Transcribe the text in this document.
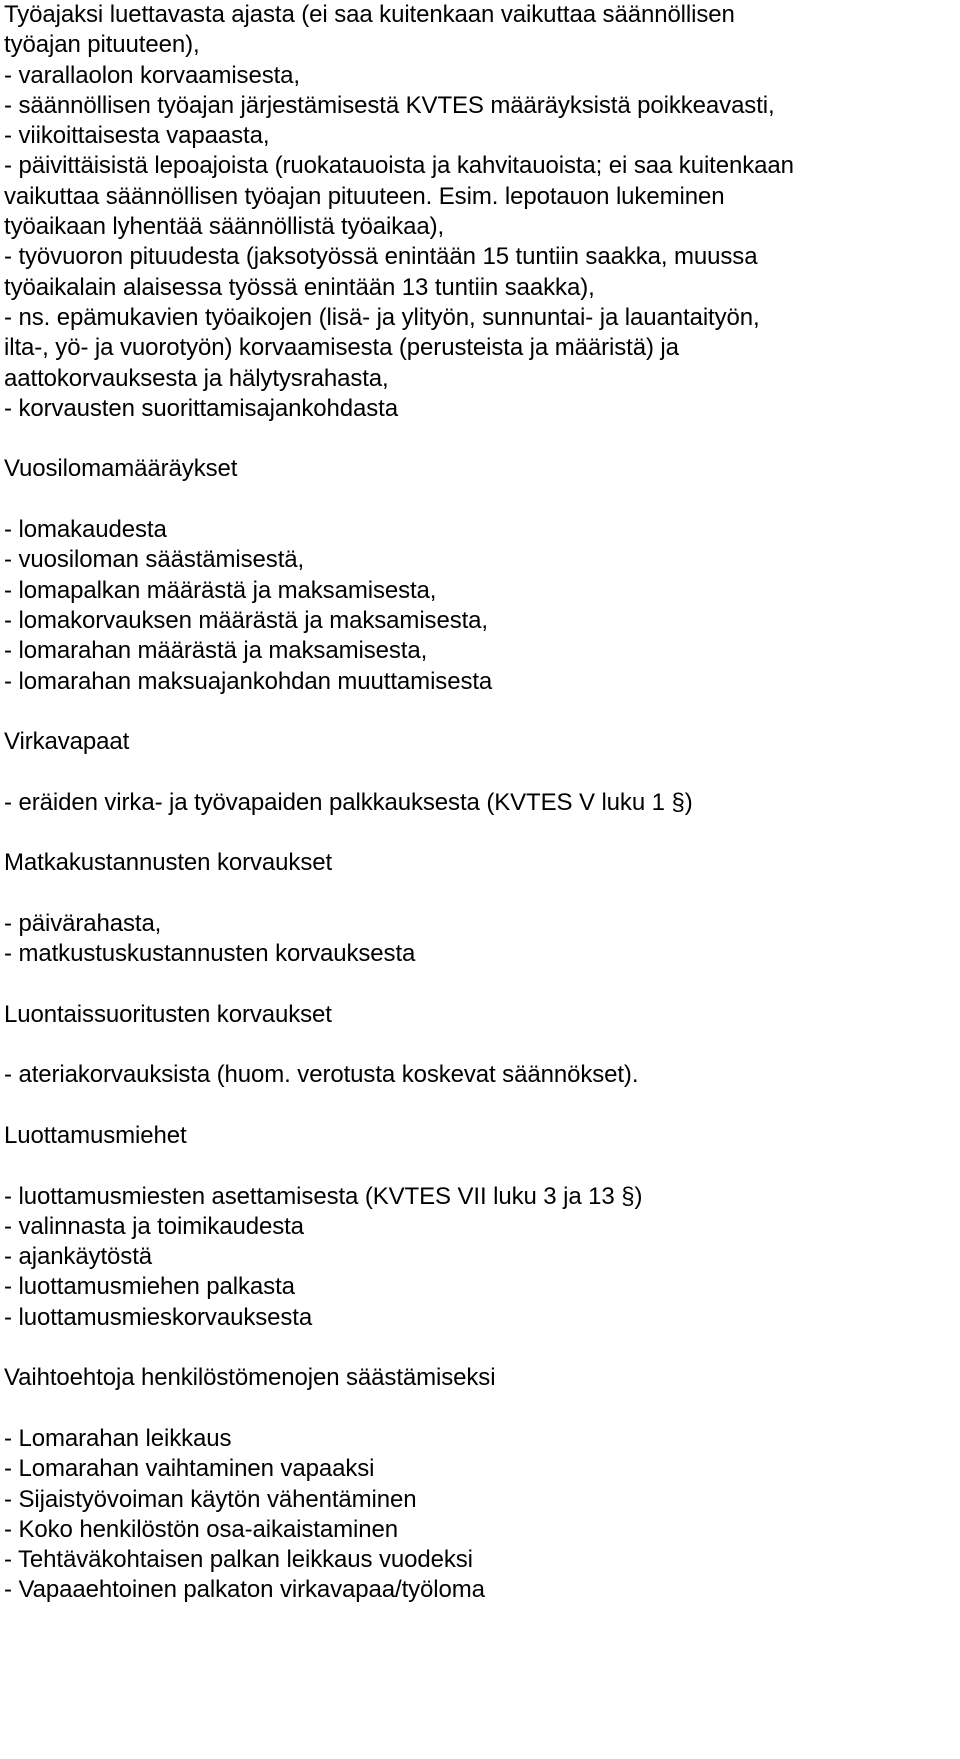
Työajaksi luettavasta ajasta (ei saa kuitenkaan vaikuttaa säännöllisen
työajan pituuteen),
- varallaolon korvaamisesta,
- säännöllisen työajan järjestämisestä KVTES määräyksistä poikkeavasti,
- viikoittaisesta vapaasta,
- päivittäisistä lepoajoista (ruokatauoista ja kahvitauoista; ei saa kuitenkaan
vaikuttaa säännöllisen työajan pituuteen. Esim. lepotauon lukeminen
työaikaan lyhentää säännöllistä työaikaa),
- työvuoron pituudesta (jaksotyössä enintään 15 tuntiin saakka, muussa
työaikalain alaisessa työssä enintään 13 tuntiin saakka),
- ns. epämukavien työaikojen (lisä- ja ylityön, sunnuntai- ja lauantaityön,
ilta-, yö- ja vuorotyön) korvaamisesta (perusteista ja määristä) ja
aattokorvauksesta ja hälytysrahasta,
- korvausten suorittamisajankohdasta
Vuosilomamääräykset
- lomakaudesta
- vuosiloman säästämisestä,
- lomapalkan määrästä ja maksamisesta,
- lomakorvauksen määrästä ja maksamisesta,
- lomarahan määrästä ja maksamisesta,
- lomarahan maksuajankohdan muuttamisesta
Virkavapaat
- eräiden virka- ja työvapaiden palkkauksesta (KVTES V luku 1 §)
Matkakustannusten korvaukset
- päivärahasta,
- matkustuskustannusten korvauksesta
Luontaissuoritusten korvaukset
- ateriakorvauksista (huom. verotusta koskevat säännökset).
Luottamusmiehet
- luottamusmiesten asettamisesta (KVTES VII luku 3 ja 13 §)
- valinnasta ja toimikaudesta
- ajankäytöstä
- luottamusmiehen palkasta
- luottamusmieskorvauksesta
Vaihtoehtoja henkilöstömenojen säästämiseksi
- Lomarahan leikkaus
- Lomarahan vaihtaminen vapaaksi
- Sijaistyövoiman käytön vähentäminen
- Koko henkilöstön osa-aikaistaminen
- Tehtäväkohtaisen palkan leikkaus vuodeksi
- Vapaaehtoinen palkaton virkavapaa/työloma
